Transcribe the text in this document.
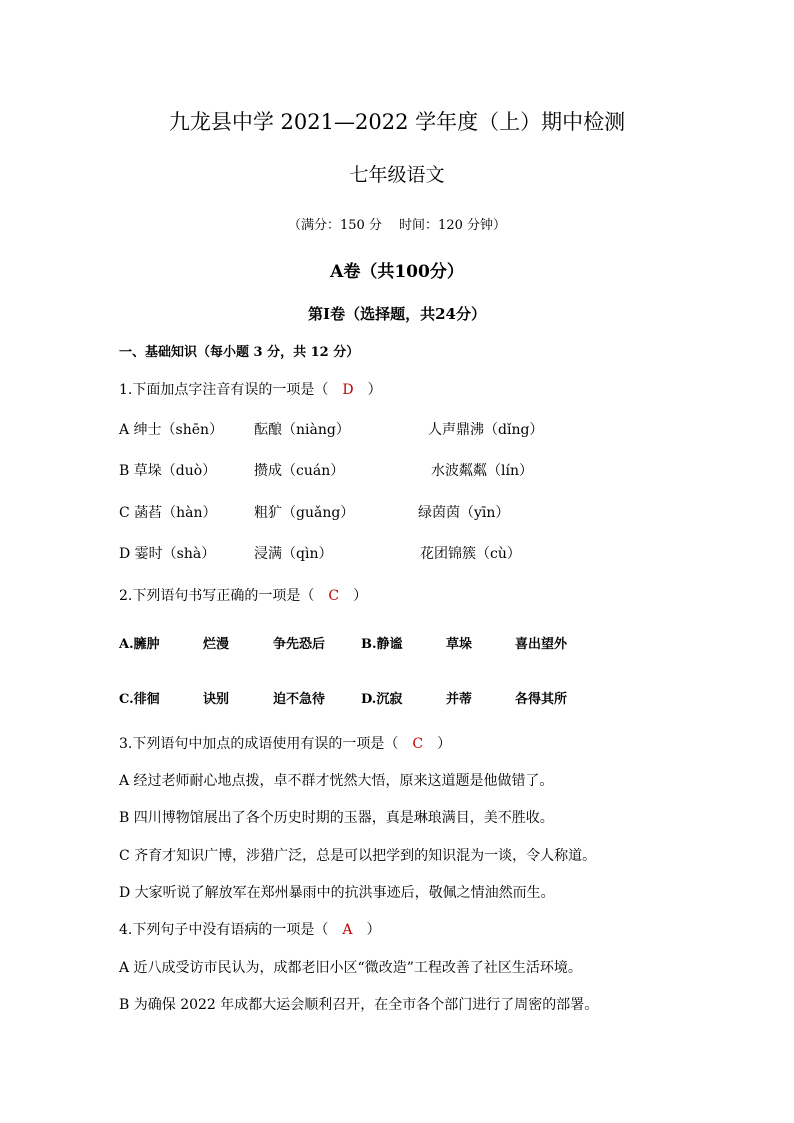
九龙县中学 2021—2022 学年度（上）期中检测
七年级语文
（满分：150 分　 时间：120 分钟）
A卷（共100分）
第Ⅰ卷（选择题，共24分）
一、基础知识（每小题 3 分，共 12 分）
1.下面加点字注音有误的一项是（ D ）
A 绅士（shēn） 酝酿（niàng）	人声鼎沸（dǐng）
B 草垛（duò）	攒成（cuán）	水波粼粼（lín）
C 菡萏（hàn）	粗犷（guǎng）	绿茵茵（yīn）
D 霎时（shà）	浸满（qìn）	花团锦簇（cù）
2.下列语句书写正确的一项是（ C ）
A.臃肿	烂漫	争先恐后	B.静谧	草垛	喜出望外
C.徘徊	诀别	迫不急待	D.沉寂	并蒂	各得其所
3.下列语句中加点的成语使用有误的一项是（ C ）
A 经过老师耐心地点拨，卓不群才恍然大悟，原来这道题是他做错了。
B 四川博物馆展出了各个历史时期的玉器，真是琳琅满目，美不胜收。
C 齐育才知识广博，涉猎广泛，总是可以把学到的知识混为一谈，令人称道。
D 大家听说了解放军在郑州暴雨中的抗洪事迹后，敬佩之情油然而生。
4.下列句子中没有语病的一项是（ A ）
A 近八成受访市民认为，成都老旧小区“微改造”工程改善了社区生活环境。
B 为确保 2022 年成都大运会顺利召开，在全市各个部门进行了周密的部署。
